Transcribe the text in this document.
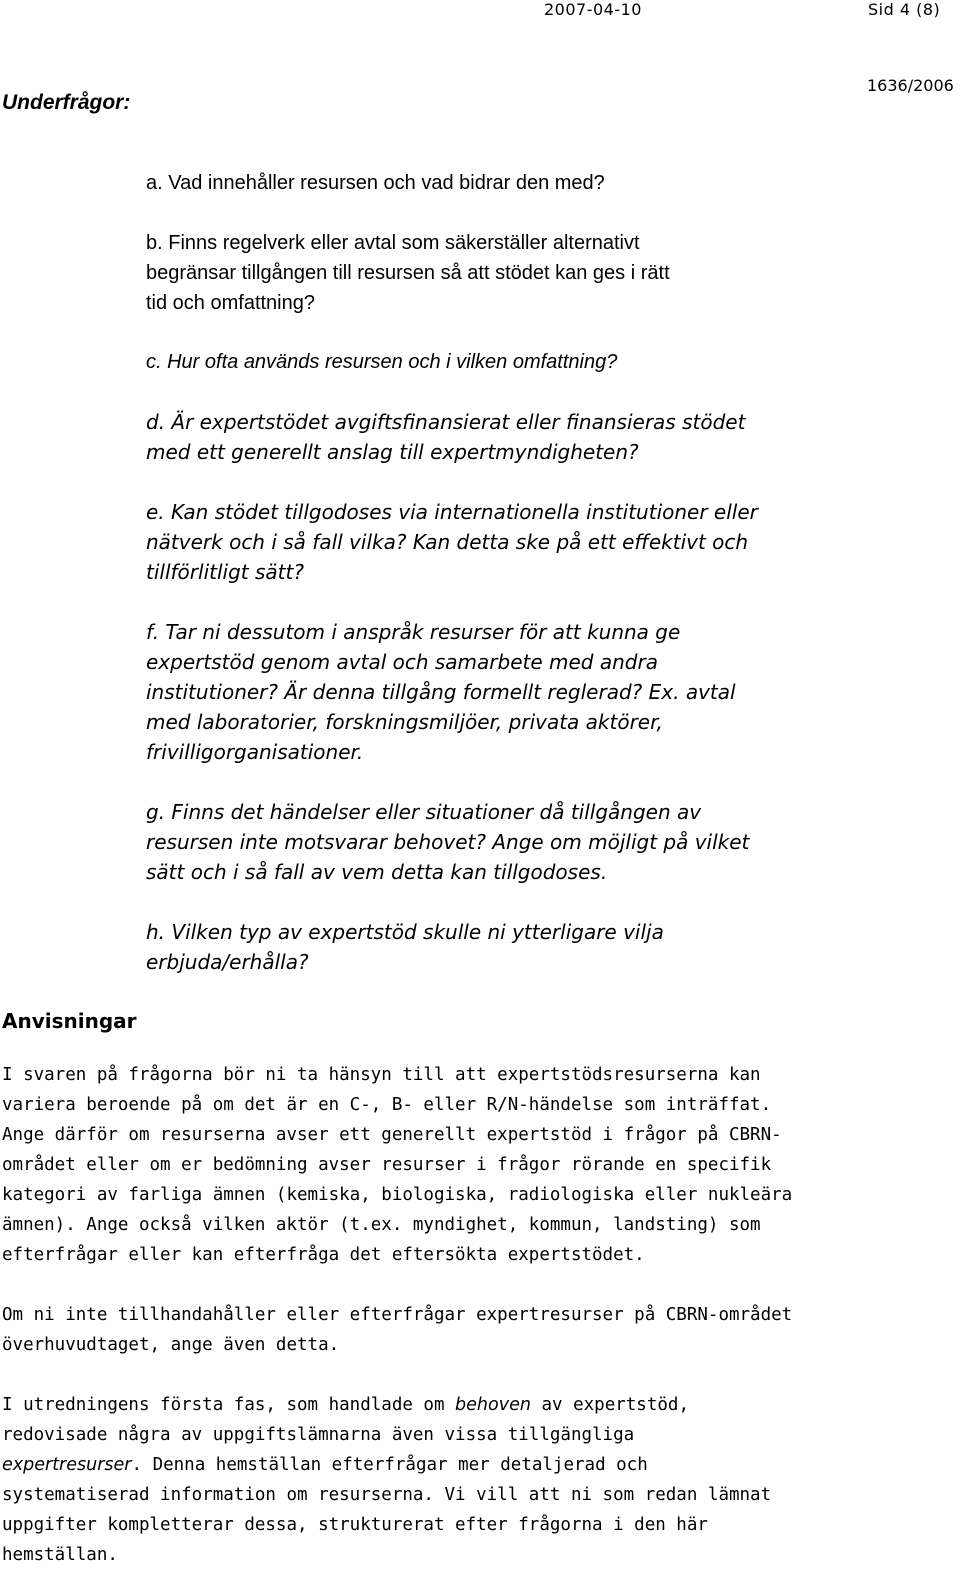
2007-04-10	Sid 4 (8)
1636/2006
Underfrågor:

a. Vad innehåller resursen och vad bidrar den med?

b. Finns regelverk eller avtal som säkerställer alternativt
begränsar tillgången till resursen så att stödet kan ges i rätt
tid och omfattning?

c. Hur ofta används resursen och i vilken omfattning?

d. Är expertstödet avgiftsfinansierat eller finansieras stödet
med ett generellt anslag till expertmyndigheten?

e. Kan stödet tillgodoses via internationella institutioner eller
nätverk och i så fall vilka? Kan detta ske på ett effektivt och
tillförlitligt sätt?

f. Tar ni dessutom i anspråk resurser för att kunna ge
expertstöd genom avtal och samarbete med andra
institutioner? Är denna tillgång formellt reglerad? Ex. avtal
med laboratorier, forskningsmiljöer, privata aktörer,
frivilligorganisationer.

g. Finns det händelser eller situationer då tillgången av
resursen inte motsvarar behovet? Ange om möjligt på vilket
sätt och i så fall av vem detta kan tillgodoses.

h. Vilken typ av expertstöd skulle ni ytterligare vilja
erbjuda/erhålla?

Anvisningar

I svaren på frågorna bör ni ta hänsyn till att expertstödsresurserna kan
variera beroende på om det är en C-, B- eller R/N-händelse som inträffat.
Ange därför om resurserna avser ett generellt expertstöd i frågor på CBRN-
området eller om er bedömning avser resurser i frågor rörande en specifik
kategori av farliga ämnen (kemiska, biologiska, radiologiska eller nukleära
ämnen). Ange också vilken aktör (t.ex. myndighet, kommun, landsting) som
efterfrågar eller kan efterfråga det eftersökta expertstödet.

Om ni inte tillhandahåller eller efterfrågar expertresurser på CBRN-området
överhuvudtaget, ange även detta.

I utredningens första fas, som handlade om behoven av expertstöd,
redovisade några av uppgiftslämnarna även vissa tillgängliga
expertresurser. Denna hemställan efterfrågar mer detaljerad och
systematiserad information om resurserna. Vi vill att ni som redan lämnat
uppgifter kompletterar dessa, strukturerat efter frågorna i den här
hemställan.
